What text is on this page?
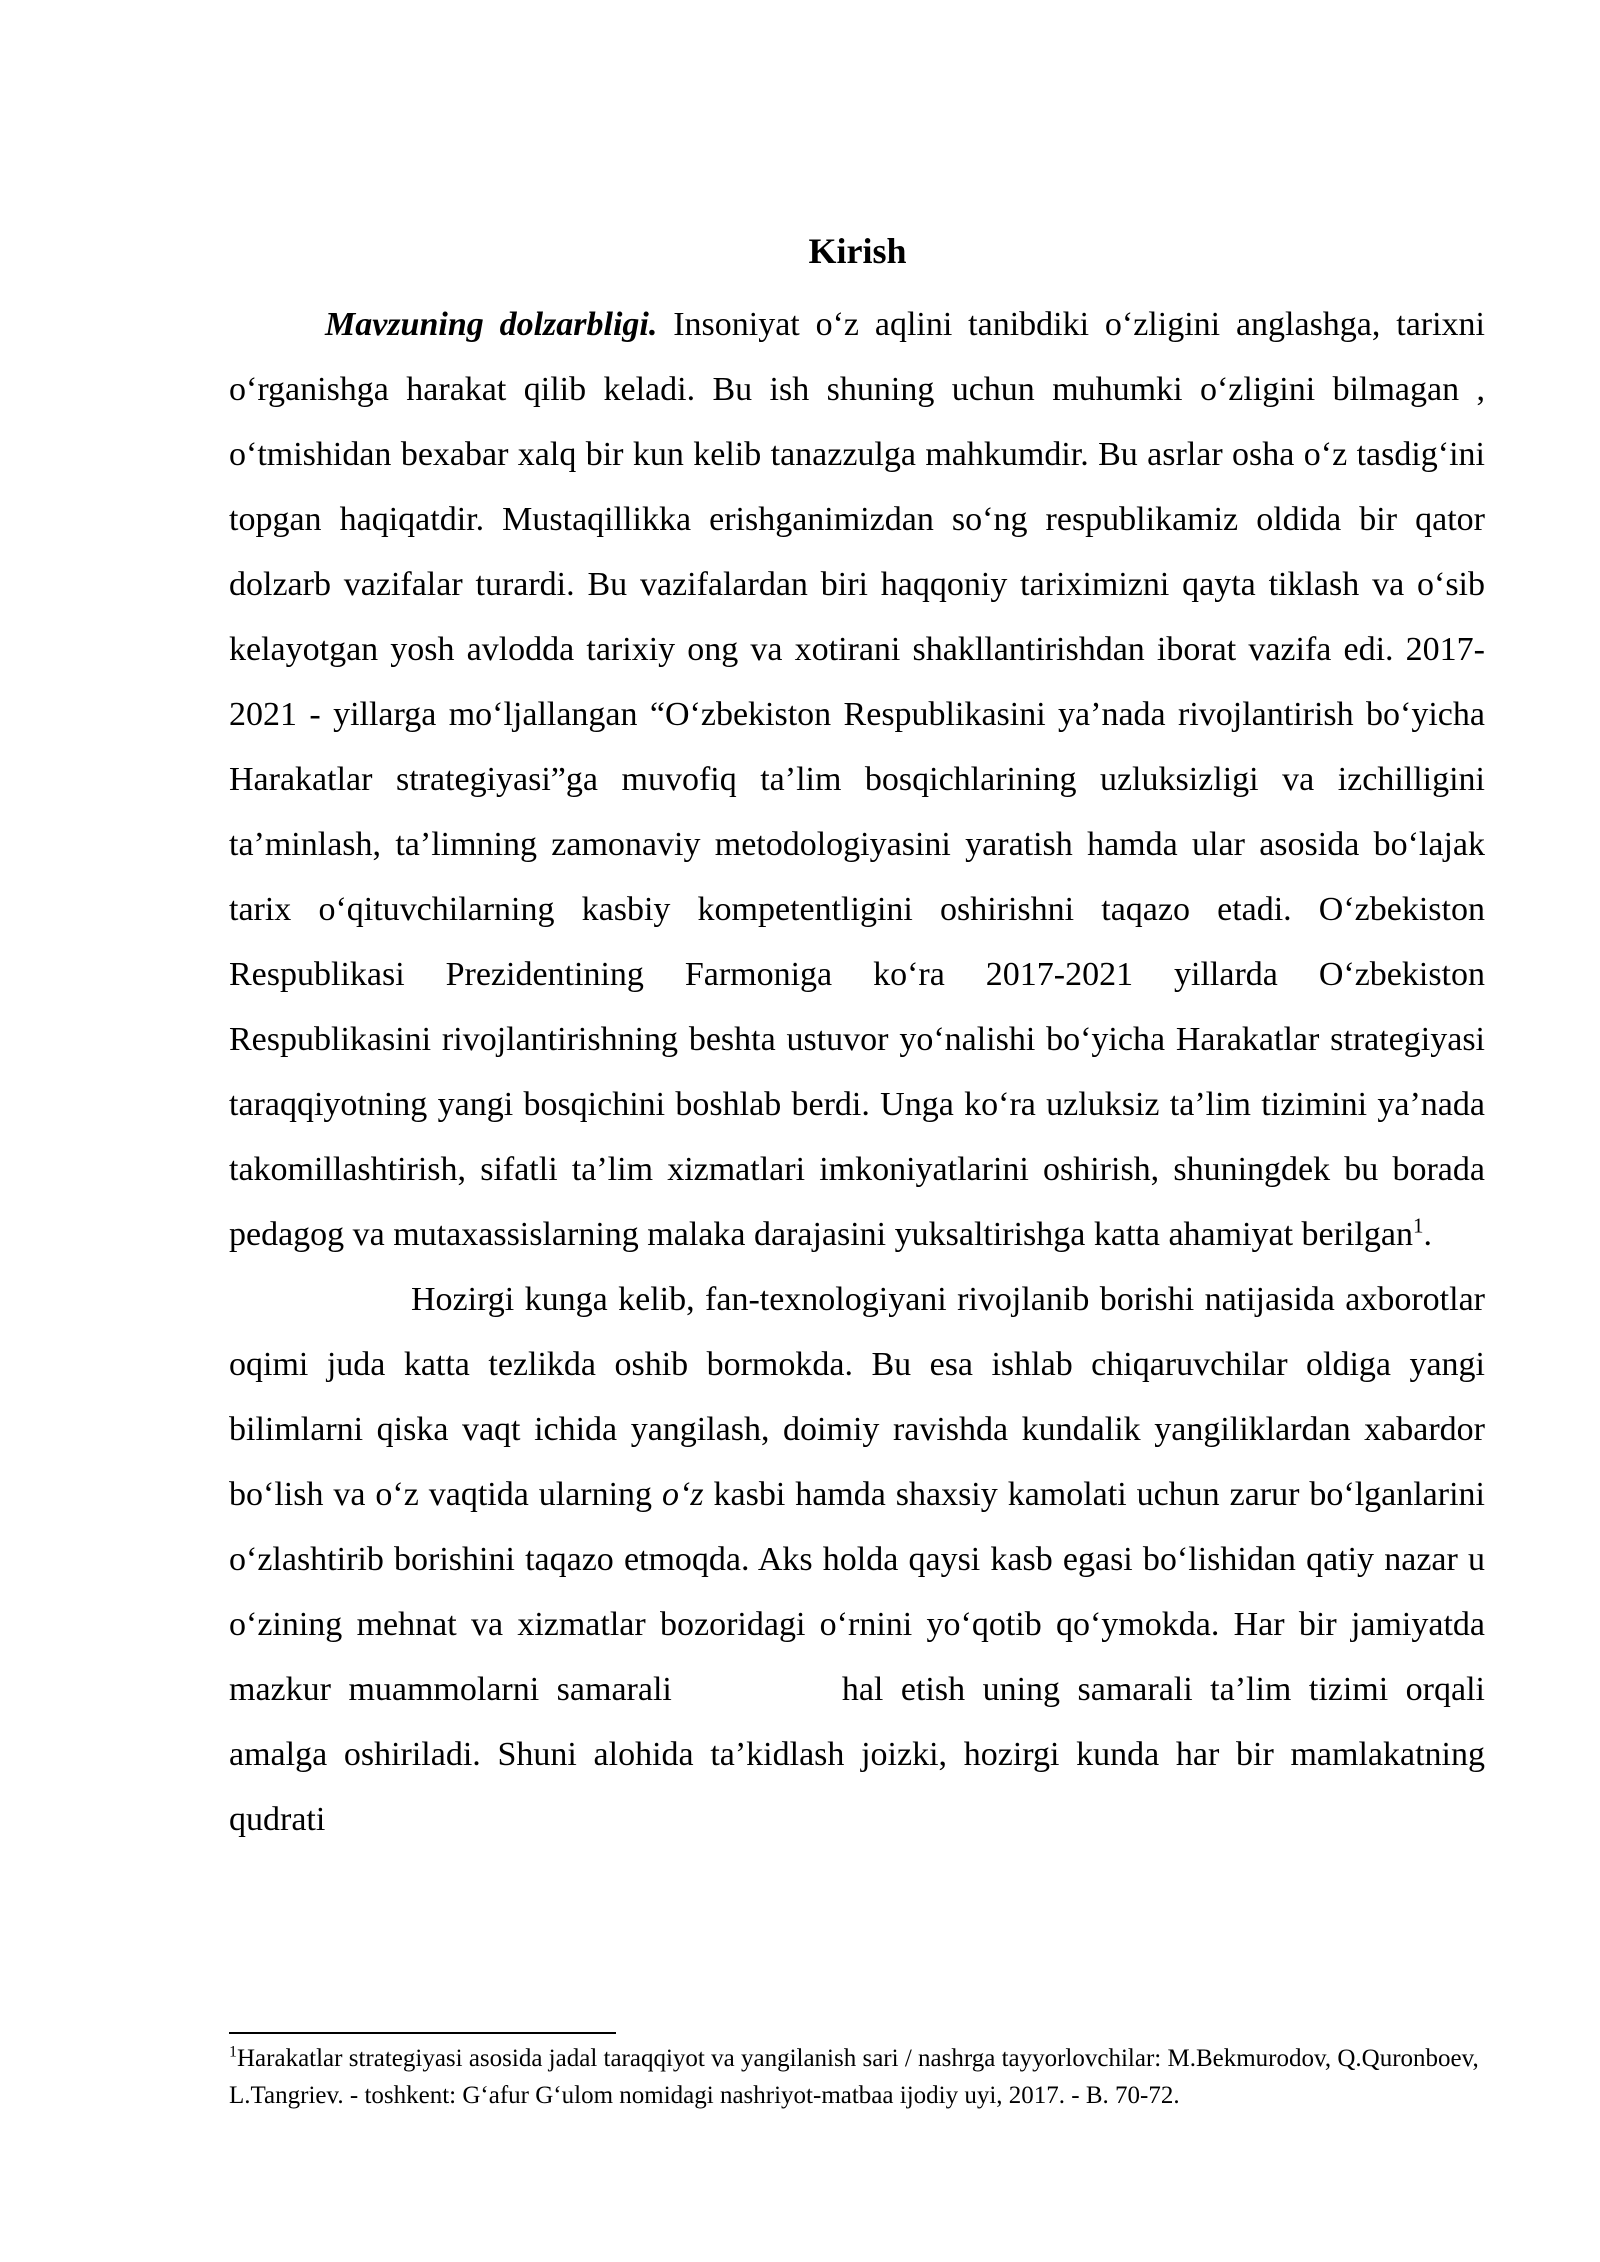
Kirish

Mavzuning dolzarbligi. Insoniyat o‘z aqlini tanibdiki o‘zligini anglashga, tarixni o‘rganishga harakat qilib keladi. Bu ish shuning uchun muhumki o‘zligini bilmagan , o‘tmishidan bexabar xalq bir kun kelib tanazzulga mahkumdir. Bu asrlar osha o‘z tasdig‘ini topgan haqiqatdir. Mustaqillikka erishganimizdan so‘ng respublikamiz oldida bir qator dolzarb vazifalar turardi. Bu vazifalardan biri haqqoniy tariximizni qayta tiklash va o‘sib kelayotgan yosh avlodda tarixiy ong va xotirani shakllantirishdan iborat vazifa edi. 2017-2021 - yillarga mo‘ljallangan “O‘zbekiston Respublikasini ya’nada rivojlantirish bo‘yicha Harakatlar strategiyasi”ga muvofiq ta’lim bosqichlarining uzluksizligi va izchilligini ta’minlash, ta’limning zamonaviy metodologiyasini yaratish hamda ular asosida bo‘lajak tarix o‘qituvchilarning kasbiy kompetentligini oshirishni taqazo etadi. O‘zbekiston Respublikasi Prezidentining Farmoniga ko‘ra 2017-2021 yillarda O‘zbekiston Respublikasini rivojlantirishning beshta ustuvor yo‘nalishi bo‘yicha Harakatlar strategiyasi taraqqiyotning yangi bosqichini boshlab berdi. Unga ko‘ra uzluksiz ta’lim tizimini ya’nada takomillashtirish, sifatli ta’lim xizmatlari imkoniyatlarini oshirish, shuningdek bu borada pedagog va mutaxassislarning malaka darajasini yuksaltirishga katta ahamiyat berilgan$^1$.

Hozirgi kunga kelib, fan-texnologiyani rivojlanib borishi natijasida axborotlar oqimi juda katta tezlikda oshib bormokda. Bu esa ishlab chiqaruvchilar oldiga yangi bilimlarni qiska vaqt ichida yangilash, doimiy ravishda kundalik yangiliklardan xabardor bo‘lish va o‘z vaqtida ularning o‘z kasbi hamda shaxsiy kamolati uchun zarur bo‘lganlarini o‘zlashtirib borishini taqazo etmoqda. Aks holda qaysi kasb egasi bo‘lishidan qatiy nazar u o‘zining mehnat va xizmatlar bozoridagi o‘rnini yo‘qotib qo‘ymokda. Har bir jamiyatda mazkur muammolarni samarali	hal etish uning samarali ta’lim tizimi orqali amalga oshiriladi. Shuni alohida ta’kidlash joizki, hozirgi kunda har bir mamlakatning qudrati

$^1$Harakatlar strategiyasi asosida jadal taraqqiyot va yangilanish sari / nashrga tayyorlovchilar: M.Bekmurodov, Q.Quronboev, L.Tangriev. - toshkent: G‘afur G‘ulom nomidagi nashriyot-matbaa ijodiy uyi, 2017. - B. 70-72.
